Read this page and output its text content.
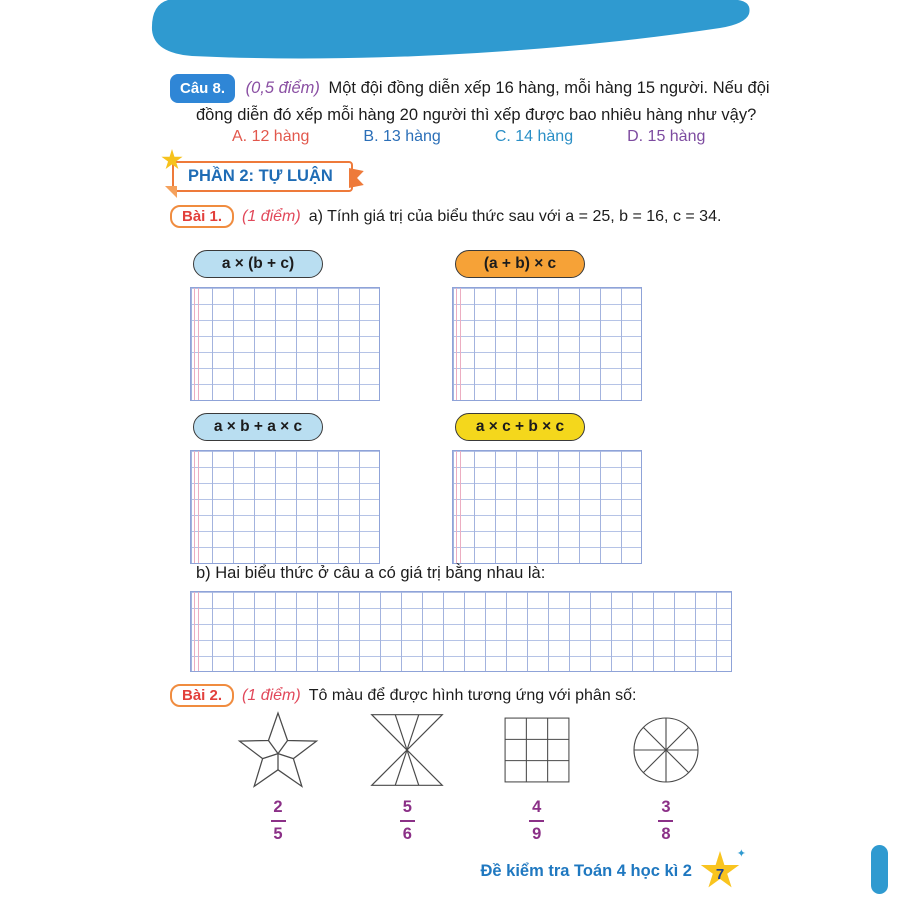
Câu 8. (0,5 điểm) Một đội đồng diễn xếp 16 hàng, mỗi hàng 15 người. Nếu đội đồng diễn đó xếp mỗi hàng 20 người thì xếp được bao nhiêu hàng như vậy?

A. 12 hàng	B. 13 hàng	C. 14 hàng	D. 15 hàng
PHẦN 2: TỰ LUẬN
Bài 1.	(1 điểm) a) Tính giá trị của biểu thức sau với a = 25, b = 16, c = 34.
a × (b + c)	(a + b) × c
a × b + a × c	a × c + b × c
b) Hai biểu thức ở câu a có giá trị bằng nhau là:
Bài 2.	(1 điểm) Tô màu để được hình tương ứng với phân số:
$\frac{2}{5}$	$\frac{5}{6}$	$\frac{4}{9}$	$\frac{3}{8}$
Đề kiểm tra Toán 4 học kì 2	7
✦
